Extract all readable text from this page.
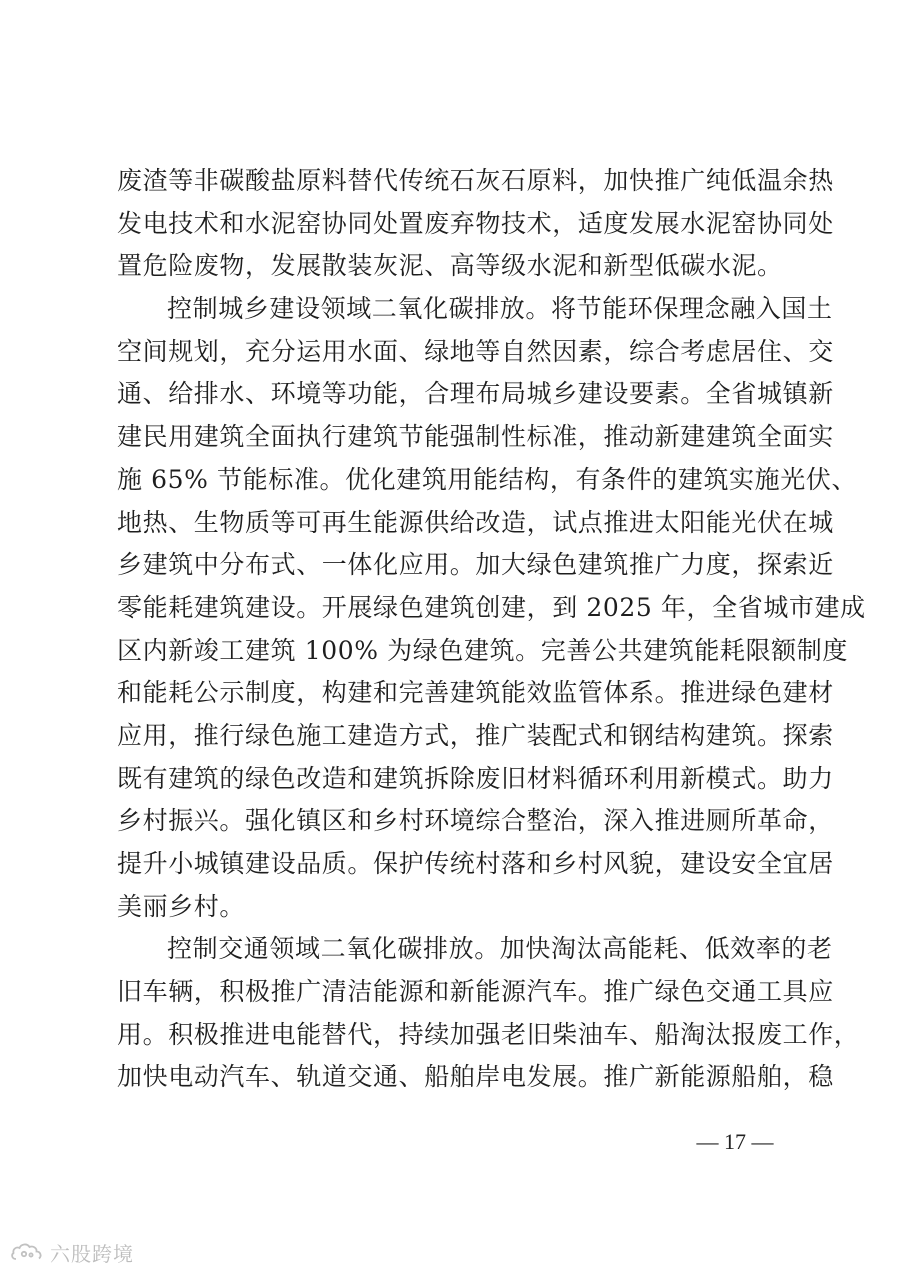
废渣等非碳酸盐原料替代传统石灰石原料，加快推广纯低温余热
发电技术和水泥窑协同处置废弃物技术，适度发展水泥窑协同处
置危险废物，发展散装灰泥、高等级水泥和新型低碳水泥。
控制城乡建设领域二氧化碳排放。将节能环保理念融入国土
空间规划，充分运用水面、绿地等自然因素，综合考虑居住、交
通、给排水、环境等功能，合理布局城乡建设要素。全省城镇新
建民用建筑全面执行建筑节能强制性标准，推动新建建筑全面实
施 65% 节能标准。优化建筑用能结构，有条件的建筑实施光伏、
地热、生物质等可再生能源供给改造，试点推进太阳能光伏在城
乡建筑中分布式、一体化应用。加大绿色建筑推广力度，探索近
零能耗建筑建设。开展绿色建筑创建，到 2025 年，全省城市建成
区内新竣工建筑 100% 为绿色建筑。完善公共建筑能耗限额制度
和能耗公示制度，构建和完善建筑能效监管体系。推进绿色建材
应用，推行绿色施工建造方式，推广装配式和钢结构建筑。探索
既有建筑的绿色改造和建筑拆除废旧材料循环利用新模式。助力
乡村振兴。强化镇区和乡村环境综合整治，深入推进厕所革命，
提升小城镇建设品质。保护传统村落和乡村风貌，建设安全宜居
美丽乡村。
控制交通领域二氧化碳排放。加快淘汰高能耗、低效率的老
旧车辆，积极推广清洁能源和新能源汽车。推广绿色交通工具应
用。积极推进电能替代，持续加强老旧柴油车、船淘汰报废工作，
加快电动汽车、轨道交通、船舶岸电发展。推广新能源船舶，稳
— 17 —
六股跨境
